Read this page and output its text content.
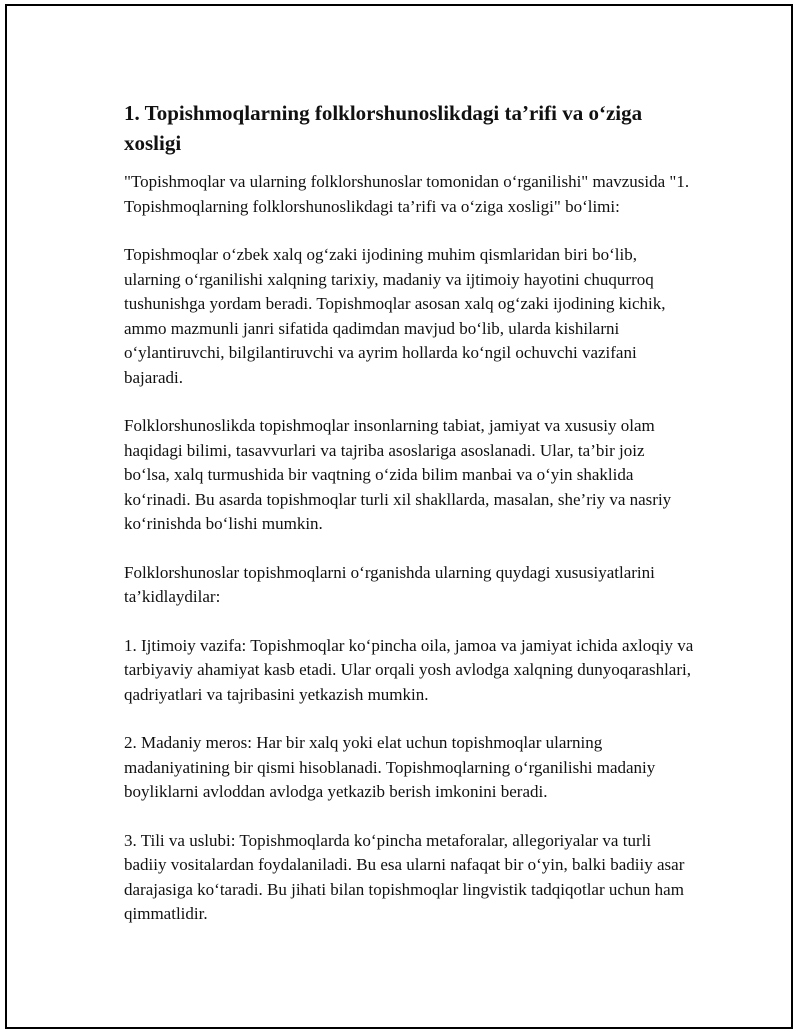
1. Topishmoqlarning folklorshunoslikdagi ta’rifi va o‘ziga xosligi

"Topishmoqlar va ularning folklorshunoslar tomonidan o‘rganilishi" mavzusida "1. Topishmoqlarning folklorshunoslikdagi ta’rifi va o‘ziga xosligi" bo‘limi:

Topishmoqlar o‘zbek xalq og‘zaki ijodining muhim qismlaridan biri bo‘lib, ularning o‘rganilishi xalqning tarixiy, madaniy va ijtimoiy hayotini chuqurroq tushunishga yordam beradi. Topishmoqlar asosan xalq og‘zaki ijodining kichik, ammo mazmunli janri sifatida qadimdan mavjud bo‘lib, ularda kishilarni o‘ylantiruvchi, bilgilantiruvchi va ayrim hollarda ko‘ngil ochuvchi vazifani bajaradi.

Folklorshunoslikda topishmoqlar insonlarning tabiat, jamiyat va xususiy olam haqidagi bilimi, tasavvurlari va tajriba asoslariga asoslanadi. Ular, ta’bir joiz bo‘lsa, xalq turmushida bir vaqtning o‘zida bilim manbai va o‘yin shaklida ko‘rinadi. Bu asarda topishmoqlar turli xil shakllarda, masalan, she’riy va nasriy ko‘rinishda bo‘lishi mumkin.

Folklorshunoslar topishmoqlarni o‘rganishda ularning quydagi xususiyatlarini ta’kidlaydilar:

1. Ijtimoiy vazifa: Topishmoqlar ko‘pincha oila, jamoa va jamiyat ichida axloqiy va tarbiyaviy ahamiyat kasb etadi. Ular orqali yosh avlodga xalqning dunyoqarashlari, qadriyatlari va tajribasini yetkazish mumkin.

2. Madaniy meros: Har bir xalq yoki elat uchun topishmoqlar ularning madaniyatining bir qismi hisoblanadi. Topishmoqlarning o‘rganilishi madaniy boyliklarni avloddan avlodga yetkazib berish imkonini beradi.

3. Tili va uslubi: Topishmoqlarda ko‘pincha metaforalar, allegoriyalar va turli badiiy vositalardan foydalaniladi. Bu esa ularni nafaqat bir o‘yin, balki badiiy asar darajasiga ko‘taradi. Bu jihati bilan topishmoqlar lingvistik tadqiqotlar uchun ham qimmatlidir.
